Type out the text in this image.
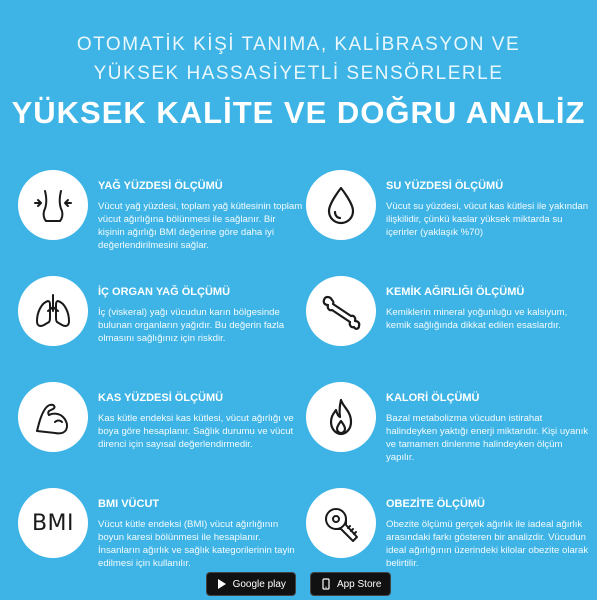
OTOMATİK KİŞİ TANIMA, KALİBRASYON VE

YÜKSEK HASSASİYETLİ SENSÖRLERLE

YÜKSEK KALİTE VE DOĞRU ANALİZ

YAĞ YÜZDESİ ÖLÇÜMÜ

Vücut yağ yüzdesi, toplam yağ kütlesinin toplam vücut ağırlığına bölünmesi ile sağlanır. Bir kişinin ağırlığı BMI değerine göre daha iyi değerlendirilmesini sağlar.

SU YÜZDESİ ÖLÇÜMÜ

Vücut su yüzdesi, vücut kas kütlesi ile yakından ilişkilidir, çünkü kaslar yüksek miktarda su içerirler (yaklaşık %70)

İÇ ORGAN YAĞ ÖLÇÜMÜ

İç (viskeral) yağı vücudun karın bölgesinde bulunan organların yağıdır. Bu değerin fazla olmasını sağlığınız için riskdir.

KEMİK AĞIRLIĞI ÖLÇÜMÜ

Kemiklerin mineral yoğunluğu ve kalsiyum, kemik sağlığında dikkat edilen esaslardır.

KAS YÜZDESİ ÖLÇÜMÜ

Kas kütle endeksi kas kütlesi, vücut ağırlığı ve boya göre hesaplanır. Sağlık durumu ve vücut direnci için sayısal değerlendirmedir.

KALORİ ÖLÇÜMÜ

Bazal metabolizma vücudun istirahat halindeyken yaktığı enerji miktarıdır. Kişi uyanık ve tamamen dinlenme halindeyken ölçüm yapılır.

BMI

BMI VÜCUT

Vücut kütle endeksi (BMI) vücut ağırlığının boyun karesi bölünmesi ile hesaplanır. İnsanların ağırlık ve sağlık kategorilerinin tayin edilmesi için kullanılır.

OBEZİTE ÖLÇÜMÜ

Obezite ölçümü gerçek ağırlık ile iadeal ağırlık arasındaki farkı gösteren bir analizdir. Vücudun ideal ağırlığının üzerindeki kilolar obezite olarak belirtilir.

Google play	App Store
